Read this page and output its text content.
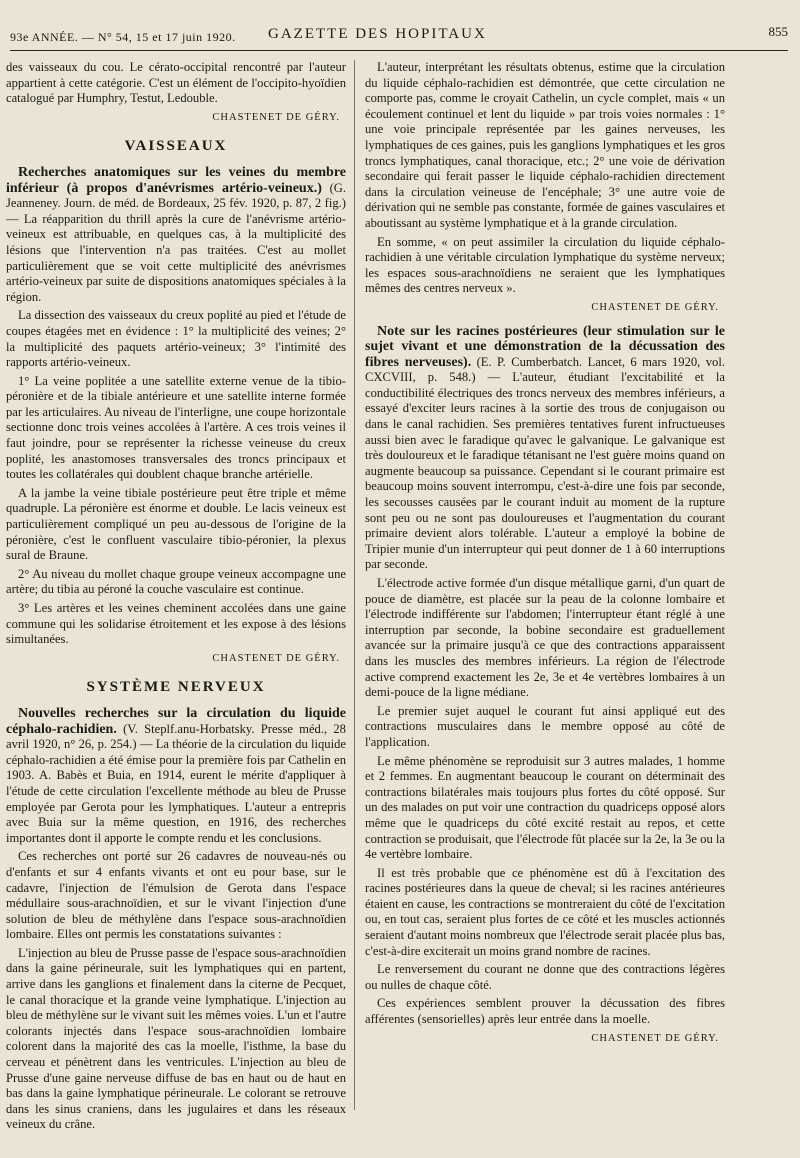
93e ANNÉE. — N° 54, 15 et 17 juin 1920. GAZETTE DES HOPITAUX	855

des vaisseaux du cou. Le cérato-occipital rencontré par l'auteur appartient à cette catégorie. C'est un élément de l'occipito-hyoïdien catalogué par Humphry, Testut, Ledouble.

CHASTENET DE GÉRY.

VAISSEAUX

Recherches anatomiques sur les veines du membre inférieur (à propos d'anévrismes artério-veineux.) (G. Jeanneney. Journ. de méd. de Bordeaux, 25 fév. 1920, p. 87, 2 fig.) — La réapparition du thrill après la cure de l'anévrisme artério-veineux est attribuable, en quelques cas, à la multiplicité des lésions que l'intervention n'a pas traitées. C'est au mollet particulièrement que se voit cette multiplicité des anévrismes artério-veineux par suite de dispositions anatomiques spéciales à la région.

La dissection des vaisseaux du creux poplité au pied et l'étude de coupes étagées met en évidence : 1° la multiplicité des veines; 2° la multiplicité des paquets artério-veineux; 3° l'intimité des rapports artério-veineux.

1° La veine poplitée a une satellite externe venue de la tibio-péronière et de la tibiale antérieure et une satellite interne formée par les articulaires. Au niveau de l'interligne, une coupe horizontale sectionne donc trois veines accolées à l'artère. A ces trois veines il faut joindre, pour se représenter la richesse veineuse du creux poplité, les anastomoses transversales des troncs principaux et toutes les collatérales qui doublent chaque branche artérielle.

A la jambe la veine tibiale postérieure peut être triple et même quadruple. La péronière est énorme et double. Le lacis veineux est particulièrement compliqué un peu au-dessous de l'origine de la péronière, c'est le confluent vasculaire tibio-péronier, la plexus sural de Braune.

2° Au niveau du mollet chaque groupe veineux accompagne une artère; du tibia au péroné la couche vasculaire est continue.

3° Les artères et les veines cheminent accolées dans une gaine commune qui les solidarise étroitement et les expose à des lésions simultanées.

CHASTENET DE GÉRY.

SYSTÈME NERVEUX

Nouvelles recherches sur la circulation du liquide céphalo-rachidien. (V. Steplf.anu-Horbatsky. Presse méd., 28 avril 1920, n° 26, p. 254.) — La théorie de la circulation du liquide céphalo-rachidien a été émise pour la première fois par Cathelin en 1903. A. Babès et Buia, en 1914, eurent le mérite d'appliquer à l'étude de cette circulation l'excellente méthode au bleu de Prusse employée par Gerota pour les lymphatiques. L'auteur a entrepris avec Buia sur la même question, en 1916, des recherches importantes dont il apporte le compte rendu et les conclusions.

Ces recherches ont porté sur 26 cadavres de nouveau-nés ou d'enfants et sur 4 enfants vivants et ont eu pour base, sur le cadavre, l'injection de l'émulsion de Gerota dans l'espace médullaire sous-arachnoïdien, et sur le vivant l'injection d'une solution de bleu de méthylène dans l'espace sous-arachnoïdien lombaire. Elles ont permis les constatations suivantes :

L'injection au bleu de Prusse passe de l'espace sous-arachnoïdien dans la gaine périneurale, suit les lymphatiques qui en partent, arrive dans les ganglions et finalement dans la citerne de Pecquet, le canal thoracique et la grande veine lymphatique. L'injection au bleu de méthylène sur le vivant suit les mêmes voies. L'un et l'autre colorants injectés dans l'espace sous-arachnoïdien lombaire colorent dans la majorité des cas la moelle, l'isthme, la base du cerveau et pénètrent dans les ventricules. L'injection au bleu de Prusse d'une gaine nerveuse diffuse de bas en haut ou de haut en bas dans la gaine lymphatique périneurale. Le colorant se retrouve dans les sinus craniens, dans les jugulaires et dans les réseaux veineux du crâne.

L'auteur, interprétant les résultats obtenus, estime que la circulation du liquide céphalo-rachidien est démontrée, que cette circulation ne comporte pas, comme le croyait Cathelin, un cycle complet, mais « un écoulement continuel et lent du liquide » par trois voies normales : 1° une voie principale représentée par les gaines nerveuses, les lymphatiques de ces gaines, puis les ganglions lymphatiques et les gros troncs lymphatiques, canal thoracique, etc.; 2° une voie de dérivation secondaire qui ferait passer le liquide céphalo-rachidien directement dans la circulation veineuse de l'encéphale; 3° une autre voie de dérivation qui ne semble pas constante, formée de gaines vasculaires et aboutissant au système lymphatique et à la grande circulation.

En somme, « on peut assimiler la circulation du liquide céphalo-rachidien à une véritable circulation lymphatique du système nerveux; les espaces sous-arachnoïdiens ne seraient que les lymphatiques mêmes des centres nerveux ».

CHASTENET DE GÉRY.

Note sur les racines postérieures (leur stimulation sur le sujet vivant et une démonstration de la décussation des fibres nerveuses). (E. P. Cumberbatch. Lancet, 6 mars 1920, vol. CXCVIII, p. 548.) — L'auteur, étudiant l'excitabilité et la conductibilité électriques des troncs nerveux des membres inférieurs, a essayé d'exciter leurs racines à la sortie des trous de conjugaison ou dans le canal rachidien. Ses premières tentatives furent infructueuses aussi bien avec le faradique qu'avec le galvanique. Le galvanique est très douloureux et le faradique tétanisant ne l'est guère moins quand on augmente beaucoup sa puissance. Cependant si le courant primaire est beaucoup moins souvent interrompu, c'est-à-dire une fois par seconde, les secousses causées par le courant induit au moment de la rupture sont peu ou ne sont pas douloureuses et l'augmentation du courant primaire devient alors tolérable. L'auteur a employé la bobine de Tripier munie d'un interrupteur qui peut donner de 1 à 60 interruptions par seconde.

L'électrode active formée d'un disque métallique garni, d'un quart de pouce de diamètre, est placée sur la peau de la colonne lombaire et l'électrode indifférente sur l'abdomen; l'interrupteur étant réglé à une interruption par seconde, la bobine secondaire est graduellement avancée sur la primaire jusqu'à ce que des contractions apparaissent dans les muscles des membres inférieurs. La région de l'électrode active comprend exactement les 2e, 3e et 4e vertèbres lombaires à un demi-pouce de la ligne médiane.

Le premier sujet auquel le courant fut ainsi appliqué eut des contractions musculaires dans le membre opposé au côté de l'application.

Le même phénomène se reproduisit sur 3 autres malades, 1 homme et 2 femmes. En augmentant beaucoup le courant on déterminait des contractions bilatérales mais toujours plus fortes du côté opposé. Sur un des malades on put voir une contraction du quadriceps opposé alors même que le quadriceps du côté excité restait au repos, et cette contraction se produisait, que l'électrode fût placée sur la 2e, la 3e ou la 4e vertèbre lombaire.

Il est très probable que ce phénomène est dû à l'excitation des racines postérieures dans la queue de cheval; si les racines antérieures étaient en cause, les contractions se montreraient du côté de l'excitation ou, en tout cas, seraient plus fortes de ce côté et les muscles actionnés seraient d'autant moins nombreux que l'électrode serait placée plus bas, c'est-à-dire exciterait un moins grand nombre de racines.

Le renversement du courant ne donne que des contractions légères ou nulles de chaque côté.

Ces expériences semblent prouver la décussation des fibres afférentes (sensorielles) après leur entrée dans la moelle.

CHASTENET DE GÉRY.
